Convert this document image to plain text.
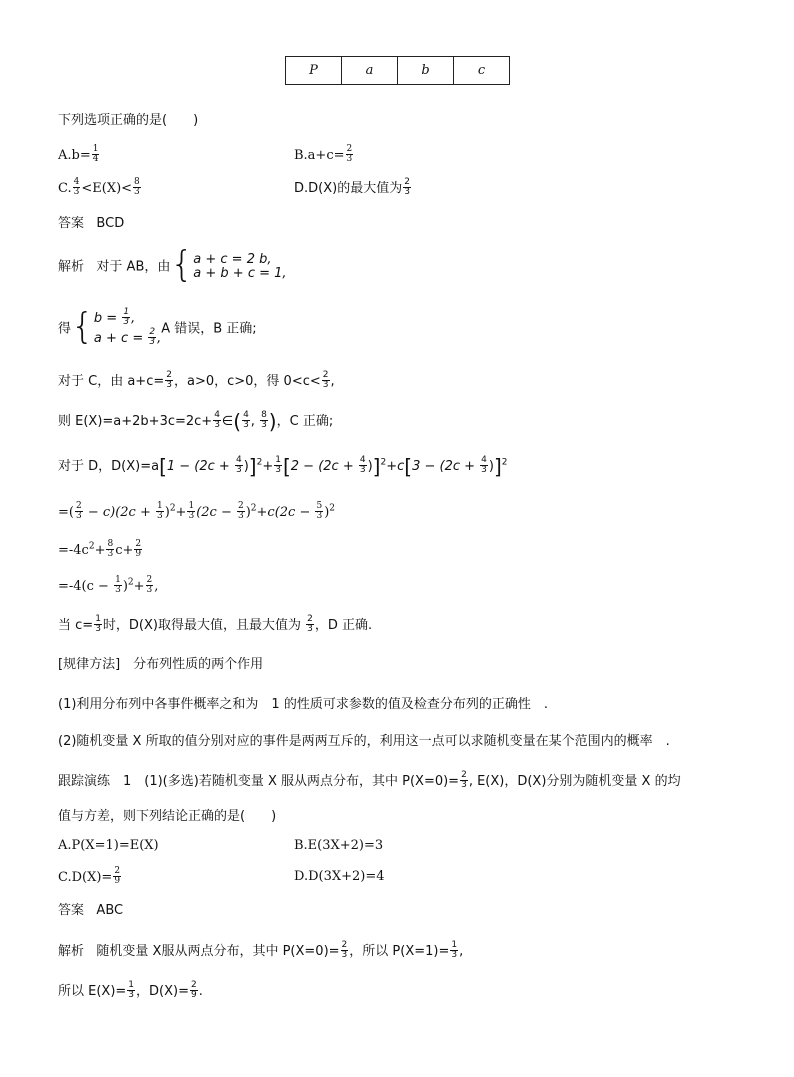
P	a	b	c
下列选项正确的是(　　)
$A.b= \frac{1}{4}$	$B.a+c= \frac{2}{3}$
C. $\frac{4}{3} <E(X)< \frac{8}{3}$	D.D(X)的最大值为 $\frac{2}{3}$
答案 BCD
解析 对于 AB，由{ a + c = 2 b,
a + b + c = 1,
得{ $b = \frac{1}{3}$ ,
$a + c = \frac{2}{3}$ ,
A 错误，B 正确;
对于 C，由 $a+c= \frac{2}{3}$ ，a>0，c>0，得 $0<c< \frac{2}{3}$ ,
则 $E(X)=a+2b+3c=2c+ \frac{4}{3}$ ∈( $\frac{4}{3}$ , $\frac{8}{3}$ )，C 正确;
对于 D，$D(X)=a[1 - (2c + \frac{4}{3} )]^2+ \frac{1}{3} [2 - (2c + \frac{4}{3} )]^2+c[3 - (2c + \frac{4}{3} )]^2$
=( $\frac{2}{3} - c)(2c + \frac{1}{3} )^2+ \frac{1}{3} (2c - \frac{2}{3} )^2+c(2c - \frac{5}{3} )^2$
$=-4c^2+ \frac{8}{3} c+ \frac{2}{9}$
$=-4(c - \frac{1}{3} )^2+ \frac{2}{3}$ ,
当 $c= \frac{1}{3}$ 时，D(X)取得最大值，且最大值为 $\frac{2}{3}$ ，D 正确.
[规律方法]　分布列性质的两个作用
(1)利用分布列中各事件概率之和为　1 的性质可求参数的值及检查分布列的正确性　.
(2)随机变量 X 所取的值分别对应的事件是两两互斥的，利用这一点可以求随机变量在某个范围内的概率　.
跟踪演练　1　(1)(多选)若随机变量 X 服从两点分布，其中 $P(X=0)= \frac{2}{3}$ , E(X)，D(X)分别为随机变量 X 的均
值与方差，则下列结论正确的是(　　)
A.P(X=1)=E(X)	B.E(3X+2)=3
$C.D(X)= \frac{2}{9}$	D.D(3X+2)=4
答案 ABC
解析 随机变量 X服从两点分布，其中 $P(X=0)= \frac{2}{3}$ ，所以 $P(X=1)= \frac{1}{3}$ ,
所以 $E(X)= \frac{1}{3}$ ，$D(X)= \frac{2}{9}$ .
